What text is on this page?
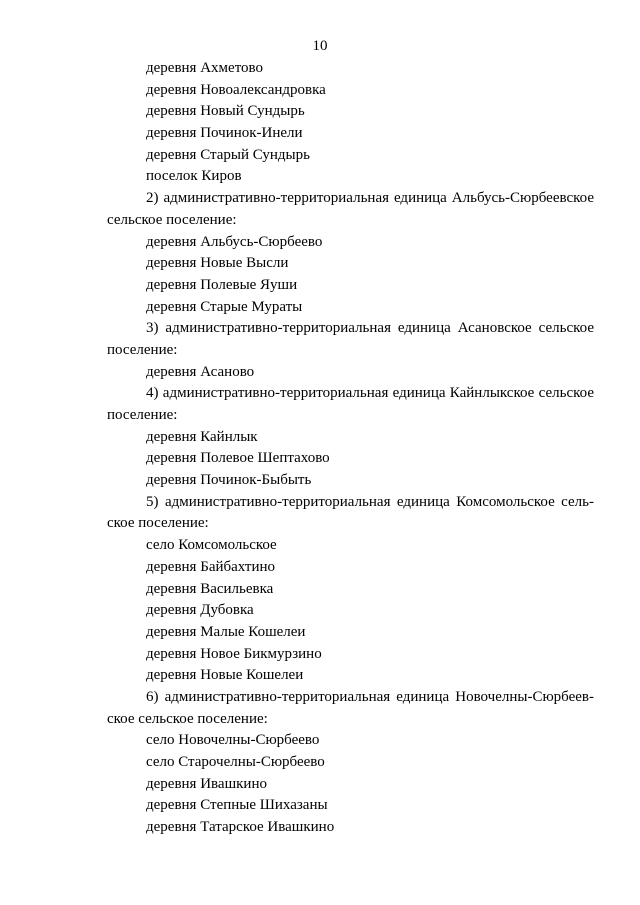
10
деревня Ахметово
деревня Новоалександровка
деревня Новый Сундырь
деревня Починок-Инели
деревня Старый Сундырь
поселок Киров
2) административно-территориальная единица Альбусь-Сюрбеевское
сельское поселение:
деревня Альбусь-Сюрбеево
деревня Новые Высли
деревня Полевые Яуши
деревня Старые Мураты
3) административно-территориальная единица Асановское сельское
поселение:
деревня Асаново
4) административно-территориальная единица Кайнлыкское сельское
поселение:
деревня Кайнлык
деревня Полевое Шептахово
деревня Починок-Быбыть
5) административно-территориальная единица Комсомольское сель-
ское поселение:
село Комсомольское
деревня Байбахтино
деревня Васильевка
деревня Дубовка
деревня Малые Кошелеи
деревня Новое Бикмурзино
деревня Новые Кошелеи
6) административно-территориальная единица Новочелны-Сюрбеев-
ское сельское поселение:
село Новочелны-Сюрбеево
село Старочелны-Сюрбеево
деревня Ивашкино
деревня Степные Шихазаны
деревня Татарское Ивашкино
